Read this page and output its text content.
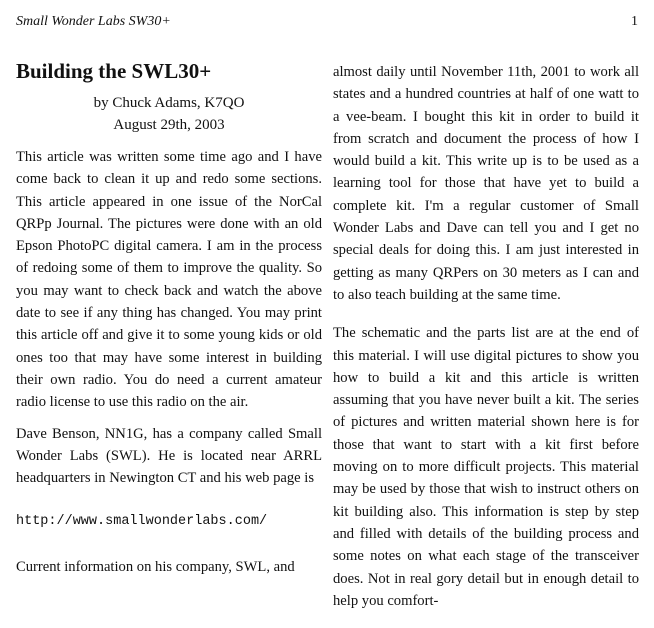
Small Wonder Labs SW30+	1
Building the SWL30+
by Chuck Adams, K7QO
August 29th, 2003

This article was written some time ago and I have come back to clean it up and redo some sections. This article appeared in one issue of the NorCal QRPp Journal. The pictures were done with an old Epson PhotoPC digital camera. I am in the process of redoing some of them to improve the quality. So you may want to check back and watch the above date to see if any thing has changed. You may print this article off and give it to some young kids or old ones too that may have some interest in building their own radio. You do need a current amateur radio license to use this radio on the air.

Dave Benson, NN1G, has a company called Small Wonder Labs (SWL). He is located near ARRL headquarters in Newington CT and his web page is

http://www.smallwonderlabs.com/

Current information on his company, SWL, and

almost daily until November 11th, 2001 to work all states and a hundred countries at half of one watt to a vee-beam. I bought this kit in order to build it from scratch and document the process of how I would build a kit. This write up is to be used as a learning tool for those that have yet to build a complete kit. I'm a regular customer of Small Wonder Labs and Dave can tell you and I get no special deals for doing this. I am just interested in getting as many QRPers on 30 meters as I can and to also teach building at the same time.

The schematic and the parts list are at the end of this material. I will use digital pictures to show you how to build a kit and this article is written assuming that you have never built a kit. The series of pictures and written material shown here is for those that want to start with a kit first before moving on to more difficult projects. This material may be used by those that wish to instruct others on kit building also. This information is step by step and filled with details of the building process and some notes on what each stage of the transceiver does. Not in real gory detail but in enough detail to help you comfort-
